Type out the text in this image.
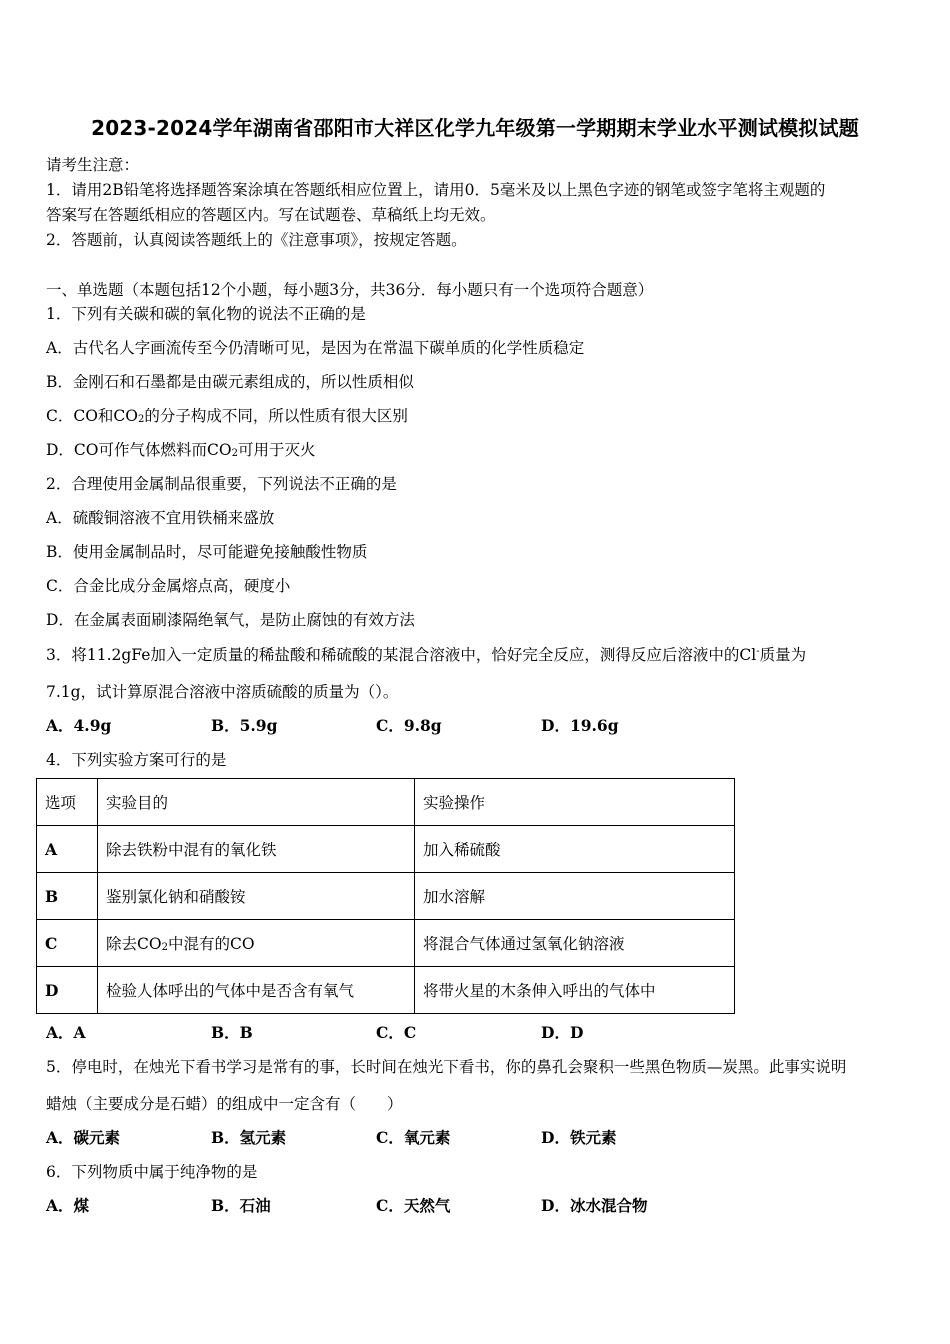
2023-2024学年湖南省邵阳市大祥区化学九年级第一学期期末学业水平测试模拟试题
请考生注意：
1．请用2B铅笔将选择题答案涂填在答题纸相应位置上，请用0．5毫米及以上黑色字迹的钢笔或签字笔将主观题的
答案写在答题纸相应的答题区内。写在试题卷、草稿纸上均无效。
2．答题前，认真阅读答题纸上的《注意事项》，按规定答题。
一、单选题（本题包括12个小题，每小题3分，共36分．每小题只有一个选项符合题意）
1．下列有关碳和碳的氧化物的说法不正确的是
A．古代名人字画流传至今仍清晰可见，是因为在常温下碳单质的化学性质稳定
B．金刚石和石墨都是由碳元素组成的，所以性质相似
C．CO和$CO_2$的分子构成不同，所以性质有很大区别
D．CO可作气体燃料而$CO_2$可用于灭火
2．合理使用金属制品很重要，下列说法不正确的是
A．硫酸铜溶液不宜用铁桶来盛放
B．使用金属制品时，尽可能避免接触酸性物质
C．合金比成分金属熔点高，硬度小
D．在金属表面刷漆隔绝氧气，是防止腐蚀的有效方法
3．将11.2gFe加入一定质量的稀盐酸和稀硫酸的某混合溶液中，恰好完全反应，测得反应后溶液中的Cl-质量为
7.1g，试计算原混合溶液中溶质硫酸的质量为（）。
A．4.9g	B．5.9g	C．9.8g	D．19.6g
4．下列实验方案可行的是
选项	实验目的	实验操作
A	除去铁粉中混有的氧化铁	加入稀硫酸
B	鉴别氯化钠和硝酸铵	加水溶解
C	除去$CO_2$中混有的CO	将混合气体通过氢氧化钠溶液
D	检验人体呼出的气体中是否含有氧气	将带火星的木条伸入呼出的气体中
A．A	B．B	C．C	D．D
5．停电时，在烛光下看书学习是常有的事，长时间在烛光下看书，你的鼻孔会聚积一些黑色物质—炭黑。此事实说明
蜡烛（主要成分是石蜡）的组成中一定含有（　　）
A．碳元素	B．氢元素	C．氧元素	D．铁元素
6．下列物质中属于纯净物的是
A．煤	B．石油	C．天然气	D．冰水混合物
